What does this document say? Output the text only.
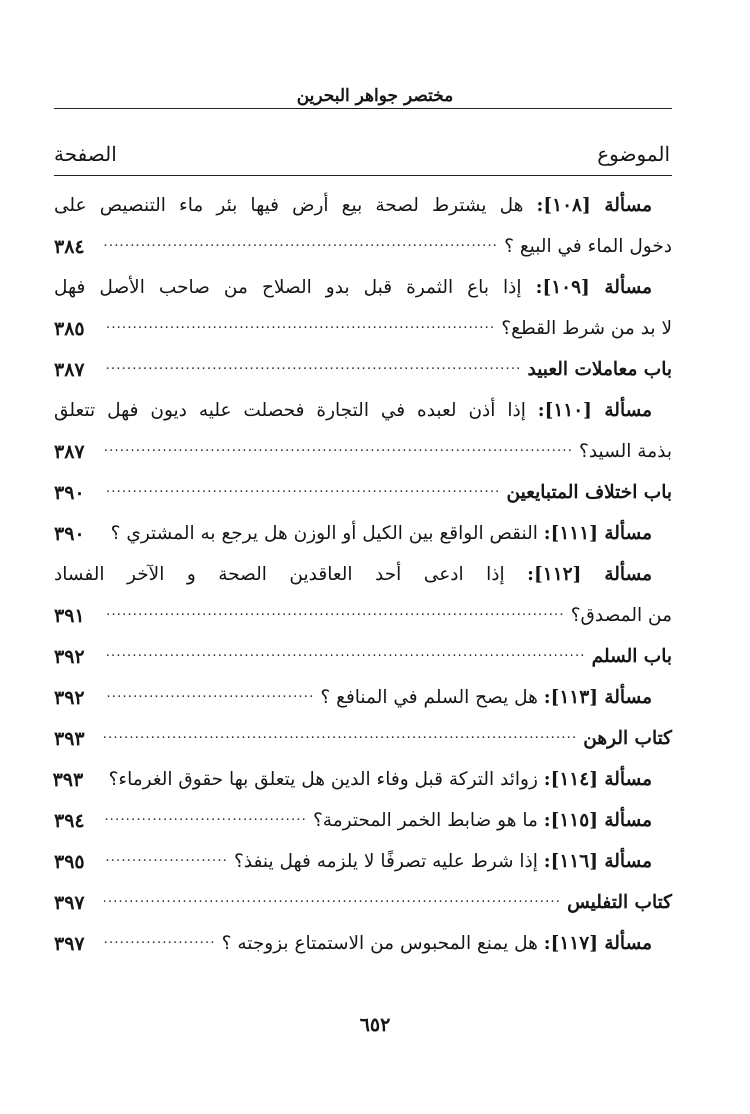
مختصر جواهر البحرين
الموضوع
الصفحة
مسألة [١٠٨]: هل يشترط لصحة بيع أرض فيها بئر ماء التنصيص على
دخول الماء في البيع ؟
.....
٣٨٤
مسألة [١٠٩]: إذا باع الثمرة قبل بدو الصلاح من صاحب الأصل فهل
لا بد من شرط القطع؟
.....
٣٨٥
باب معاملات العبيد
.....
٣٨٧
مسألة [١١٠]: إذا أذن لعبده في التجارة فحصلت عليه ديون فهل تتعلق
بذمة السيد؟
.....
٣٨٧
باب اختلاف المتبايعين
.....
٣٩٠
مسألة [١١١]: النقص الواقع بين الكيل أو الوزن هل يرجع به المشتري ؟
.....
٣٩٠
مسألة [١١٢]: إذا ادعى أحد العاقدين الصحة و الآخر الفساد
من المصدق؟
.....
٣٩١
باب السلم
.....
٣٩٢
مسألة [١١٣]: هل يصح السلم في المنافع ؟
.....
٣٩٢
كتاب الرهن
.....
٣٩٣
مسألة [١١٤]: زوائد التركة قبل وفاء الدين هل يتعلق بها حقوق الغرماء؟
٣٩٣
مسألة [١١٥]: ما هو ضابط الخمر المحترمة؟
.....
٣٩٤
مسألة [١١٦]: إذا شرط عليه تصرفًا لا يلزمه فهل ينفذ؟
.....
٣٩٥
كتاب التفليس
.....
٣٩٧
مسألة [١١٧]: هل يمنع المحبوس من الاستمتاع بزوجته ؟
.....
٣٩٧
٦٥٢
